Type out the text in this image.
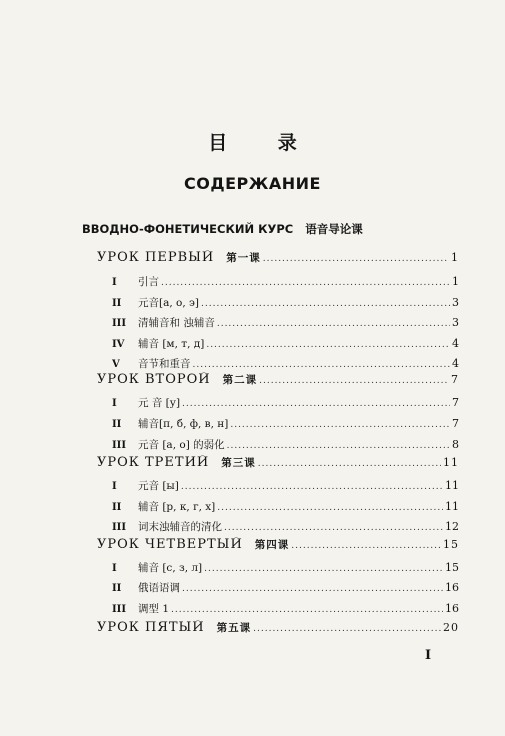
目 录
СОДЕРЖАНИЕ
ВВОДНО-ФОНЕТИЧЕСКИЙ КУРС 语音导论课
УРОК ПЕРВЫЙ 第一课 .....	1
I	引言 .....	1
II	元音[а, о, э] .....	3
III	清辅音和 浊辅音 .....	3
IV	辅音 [м, т, д] .....	4
V	音节和重音 .....	4
УРОК ВТОРОЙ 第二课 .....	7
I	元 音 [у] .....	7
II	辅音[п, б, ф, в, н] .....	7
III	元音 [а, о] 的弱化 .....	8
УРОК ТРЕТИЙ 第三课 .....	11
I	元音 [ы] .....	11
II	辅音 [р, к, г, х] .....	11
III	词末浊辅音的清化 .....	12
УРОК ЧЕТВЕРТЫЙ 第四课 .....	15
I	辅音 [с, з, л] .....	15
II	俄语语调 .....	16
III	调型 1 .....	16
УРОК ПЯТЫЙ 第五课 .....	20
I
